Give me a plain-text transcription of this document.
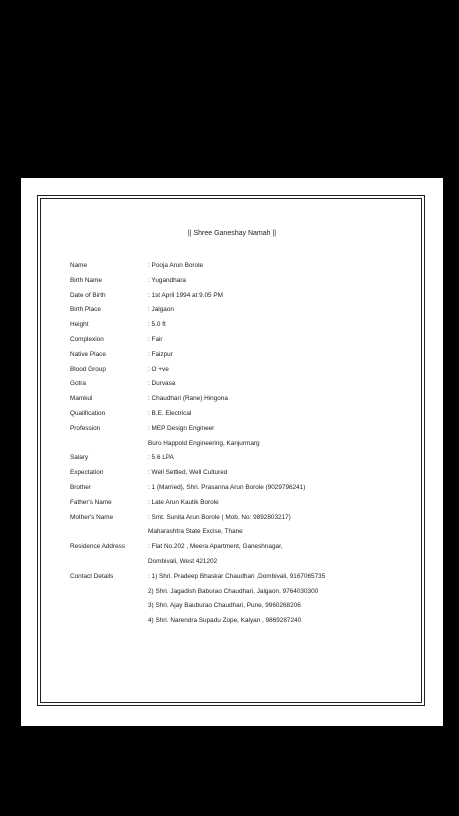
|| Shree Ganeshay Namah ||
Name	: Pooja Arun Borole
Birth Name	: Yugandhara
Date of Birth	: 1st April 1994 at 9.05 PM
Birth Place	: Jalgaon
Height	: 5.0 ft
Complexion	: Fair
Native Place	: Faizpur
Blood Group	: O +ve
Gotra	: Durvasa
Mamkul	: Chaudhari (Rane) Hingona
Qualification	: B.E. Electrical
Profession	: MEP Design Engineer
Buro Happold Engineering, Kanjurmarg
Salary	: 5.6 LPA
Expectation	: Well Settled, Well Cultured
Brother	: 1 (Married), Shri. Prasanna Arun Borole (9029796241)
Father's Name	: Late Arun Kautik Borole
Mother's Name	: Smt. Sunita Arun Borole ( Mob. No: 9892803217)
Maharashtra State Excise, Thane
Residence Address	: Flat No.202 , Meera Apartment, Ganeshnagar,
Dombivali, West 421202
Contact Details	: 1) Shri. Pradeep Bhaskar Chaudhari ,Dombivali, 9167065735
2) Shri. Jagadish Baburao Chaudhari, Jalgaon, 9764030300
3) Shri. Ajay Bauburao Chaudhari, Pune, 9960268206
4) Shri. Narendra Supadu Zope, Kalyan , 9869287240
